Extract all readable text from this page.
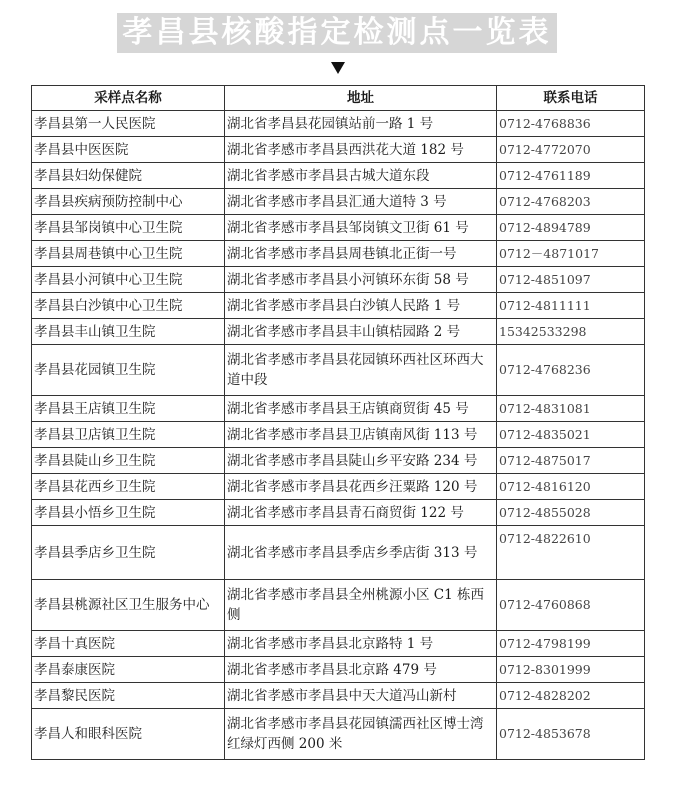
孝昌县核酸指定检测点一览表
采样点名称	地址	联系电话
孝昌县第一人民医院	湖北省孝昌县花园镇站前一路 1 号	0712-4768836
孝昌县中医医院	湖北省孝感市孝昌县西洪花大道 182 号	0712-4772070
孝昌县妇幼保健院	湖北省孝感市孝昌县古城大道东段	0712-4761189
孝昌县疾病预防控制中心	湖北省孝感市孝昌县汇通大道特 3 号	0712-4768203
孝昌县邹岗镇中心卫生院	湖北省孝感市孝昌县邹岗镇文卫街 61 号	0712-4894789
孝昌县周巷镇中心卫生院	湖北省孝感市孝昌县周巷镇北正街一号	0712－4871017
孝昌县小河镇中心卫生院	湖北省孝感市孝昌县小河镇环东街 58 号	0712-4851097
孝昌县白沙镇中心卫生院	湖北省孝感市孝昌县白沙镇人民路 1 号	0712-4811111
孝昌县丰山镇卫生院	湖北省孝感市孝昌县丰山镇桔园路 2 号	15342533298
孝昌县花园镇卫生院	湖北省孝感市孝昌县花园镇环西社区环西大道中段	0712-4768236
孝昌县王店镇卫生院	湖北省孝感市孝昌县王店镇商贸街 45 号	0712-4831081
孝昌县卫店镇卫生院	湖北省孝感市孝昌县卫店镇南风街 113 号	0712-4835021
孝昌县陡山乡卫生院	湖北省孝感市孝昌县陡山乡平安路 234 号	0712-4875017
孝昌县花西乡卫生院	湖北省孝感市孝昌县花西乡汪粟路 120 号	0712-4816120
孝昌县小悟乡卫生院	湖北省孝感市孝昌县青石商贸街 122 号	0712-4855028
孝昌县季店乡卫生院	湖北省孝感市孝昌县季店乡季店街 313 号	0712-4822610
孝昌县桃源社区卫生服务中心	湖北省孝感市孝昌县全州桃源小区 C1 栋西侧	0712-4760868
孝昌十真医院	湖北省孝感市孝昌县北京路特 1 号	0712-4798199
孝昌泰康医院	湖北省孝感市孝昌县北京路 479 号	0712-8301999
孝昌黎民医院	湖北省孝感市孝昌县中天大道冯山新村	0712-4828202
孝昌人和眼科医院	湖北省孝感市孝昌县花园镇濡西社区博士湾红绿灯西侧 200 米	0712-4853678
